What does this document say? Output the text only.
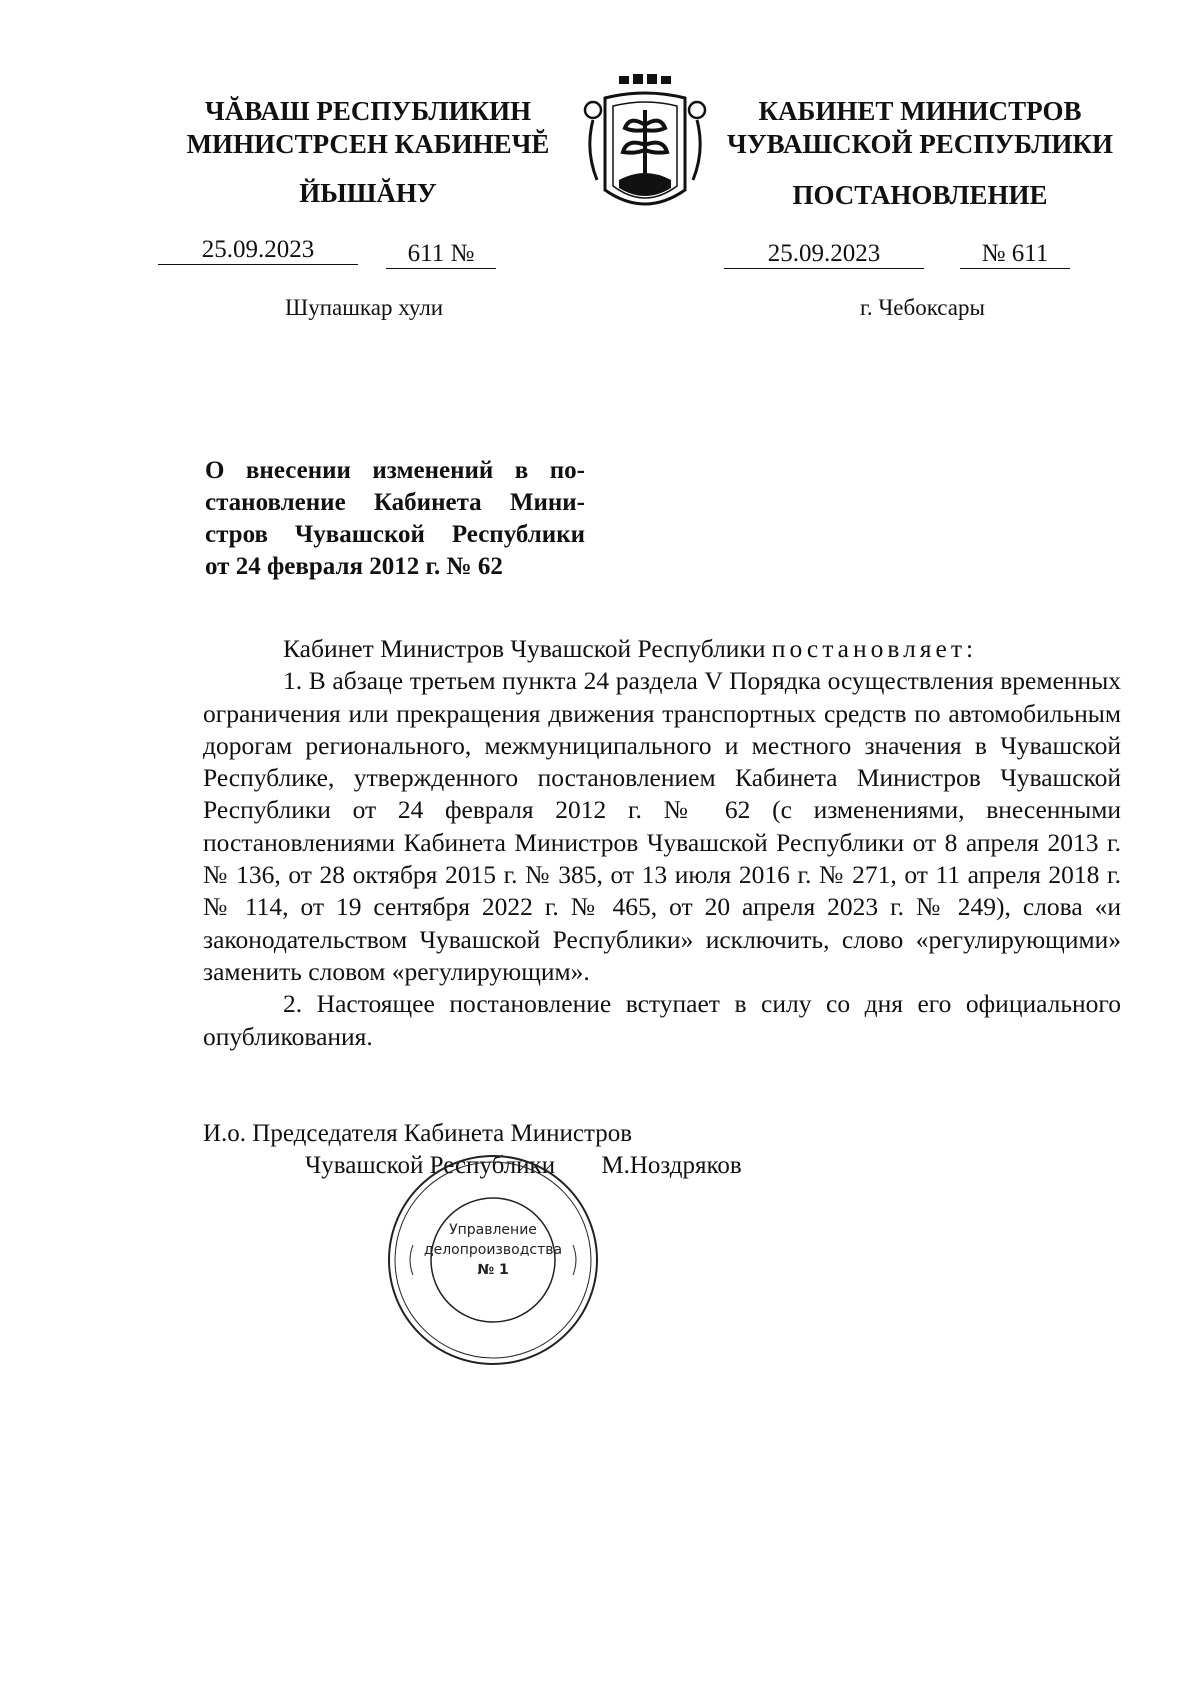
ЧĂВАШ РЕСПУБЛИКИН
МИНИСТРСЕН КАБИНЕЧĔ
ЙЫШĂНУ
КАБИНЕТ МИНИСТРОВ
ЧУВАШСКОЙ РЕСПУБЛИКИ
ПОСТАНОВЛЕНИЕ
25.09.2023	611 №	25.09.2023	№ 611
Шупашкар хули	г. Чебоксары
О внесении изменений в по-
становление Кабинета Мини-
стров Чувашской Республики
от 24 февраля 2012 г. № 62

Кабинет Министров Чувашской Республики постановляет:

1. В абзаце третьем пункта 24 раздела V Порядка осуществления временных ограничения или прекращения движения транспортных средств по автомобильным дорогам регионального, межмуниципального и местного значения в Чувашской Республике, утвержденного постановлением Кабинета Министров Чувашской Республики от 24 февраля 2012 г. № 62 (с изменениями, внесенными постановлениями Кабинета Министров Чувашской Республики от 8 апреля 2013 г. № 136, от 28 октября 2015 г. № 385, от 13 июля 2016 г. № 271, от 11 апреля 2018 г. № 114, от 19 сентября 2022 г. № 465, от 20 апреля 2023 г. № 249), слова «и законодательством Чувашской Республики» исключить, слово «регулирующими» заменить словом «регулирующим».

2. Настоящее постановление вступает в силу со дня его официального опубликования.

И.о. Председателя Кабинета Министров
Чувашской Республики М.Ноздряков
Управление
делопроизводства
№ 1
